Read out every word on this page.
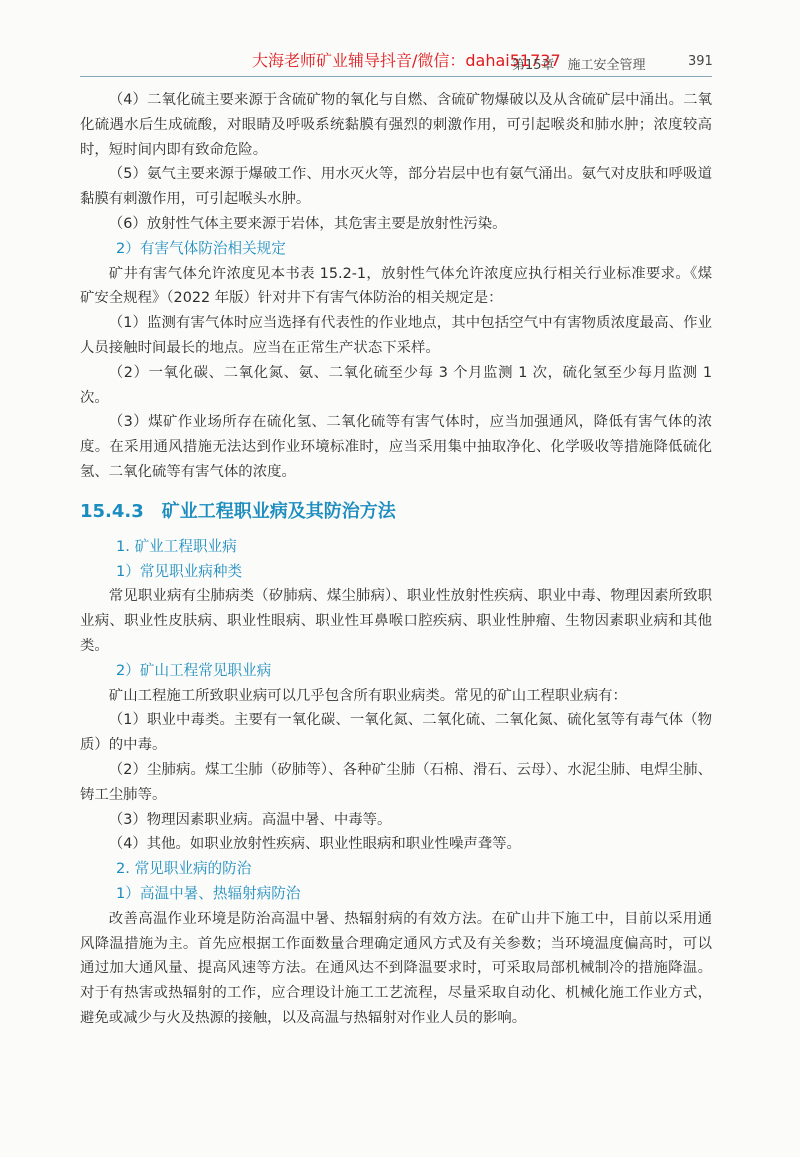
大海老师矿业辅导抖音/微信：dahai51737
第15章　施工安全管理	391

（4）二氧化硫主要来源于含硫矿物的氧化与自燃、含硫矿物爆破以及从含硫矿层中涌出。二氧化硫遇水后生成硫酸，对眼睛及呼吸系统黏膜有强烈的刺激作用，可引起喉炎和肺水肿；浓度较高时，短时间内即有致命危险。

（5）氨气主要来源于爆破工作、用水灭火等，部分岩层中也有氨气涌出。氨气对皮肤和呼吸道黏膜有刺激作用，可引起喉头水肿。

（6）放射性气体主要来源于岩体，其危害主要是放射性污染。

2）有害气体防治相关规定

矿井有害气体允许浓度见本书表 15.2-1，放射性气体允许浓度应执行相关行业标准要求。《煤矿安全规程》（2022 年版）针对井下有害气体防治的相关规定是：

（1）监测有害气体时应当选择有代表性的作业地点，其中包括空气中有害物质浓度最高、作业人员接触时间最长的地点。应当在正常生产状态下采样。

（2）一氧化碳、二氧化氮、氨、二氧化硫至少每 3 个月监测 1 次，硫化氢至少每月监测 1 次。

（3）煤矿作业场所存在硫化氢、二氧化硫等有害气体时，应当加强通风，降低有害气体的浓度。在采用通风措施无法达到作业环境标准时，应当采用集中抽取净化、化学吸收等措施降低硫化氢、二氧化硫等有害气体的浓度。

15.4.3 矿业工程职业病及其防治方法

1. 矿业工程职业病

1）常见职业病种类

常见职业病有尘肺病类（矽肺病、煤尘肺病）、职业性放射性疾病、职业中毒、物理因素所致职业病、职业性皮肤病、职业性眼病、职业性耳鼻喉口腔疾病、职业性肿瘤、生物因素职业病和其他类。

2）矿山工程常见职业病

矿山工程施工所致职业病可以几乎包含所有职业病类。常见的矿山工程职业病有：

（1）职业中毒类。主要有一氧化碳、一氧化氮、二氧化硫、二氧化氮、硫化氢等有毒气体（物质）的中毒。

（2）尘肺病。煤工尘肺（矽肺等）、各种矿尘肺（石棉、滑石、云母）、水泥尘肺、电焊尘肺、铸工尘肺等。

（3）物理因素职业病。高温中暑、中毒等。

（4）其他。如职业放射性疾病、职业性眼病和职业性噪声聋等。

2. 常见职业病的防治

1）高温中暑、热辐射病防治

改善高温作业环境是防治高温中暑、热辐射病的有效方法。在矿山井下施工中，目前以采用通风降温措施为主。首先应根据工作面数量合理确定通风方式及有关参数；当环境温度偏高时，可以通过加大通风量、提高风速等方法。在通风达不到降温要求时，可采取局部机械制冷的措施降温。对于有热害或热辐射的工作，应合理设计施工工艺流程，尽量采取自动化、机械化施工作业方式，避免或减少与火及热源的接触，以及高温与热辐射对作业人员的影响。
